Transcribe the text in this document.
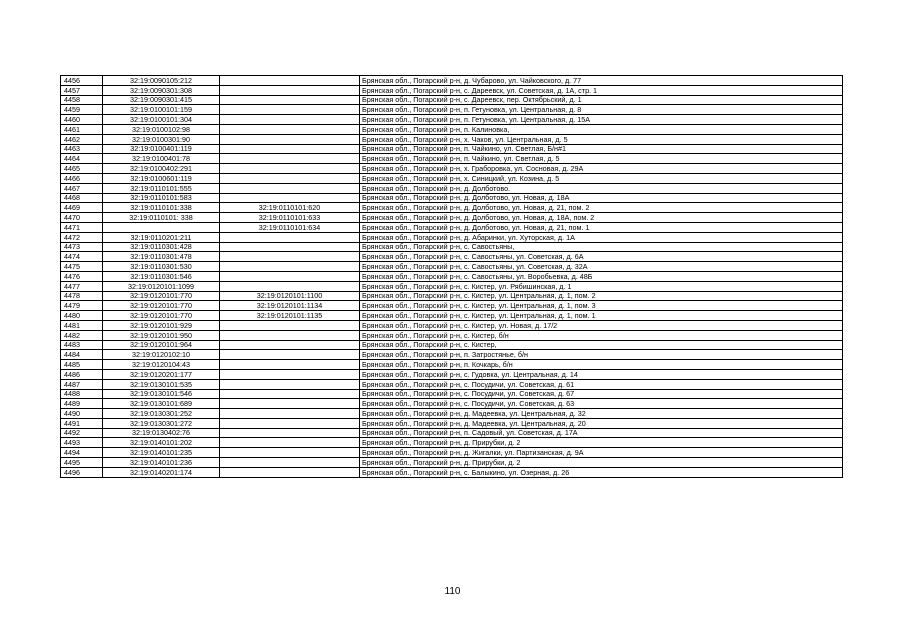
4456	32:19:0090105:212		Брянская обл., Погарский р-н, д. Чубарово, ул. Чайковского, д. 77
4457	32:19:0090301:308		Брянская обл., Погарский р-н, с. Дареевск, ул. Советская, д. 1А, стр. 1
4458	32:19:0090301:415		Брянская обл., Погарский р-н, с. Дареевск, пер. Октябрьский, д. 1
4459	32:19:0100101:159		Брянская обл., Погарский р-н, п. Гетуновка, ул. Центральная, д. 8
4460	32:19:0100101:304		Брянская обл., Погарский р-н, п. Гетуновка, ул. Центральная, д. 15А
4461	32:19:0100102:98		Брянская обл., Погарский р-н, п. Калиновка,
4462	32:19:0100301:90		Брянская обл., Погарский р-н, х. Чаков, ул. Центральная, д. 5
4463	32:19:0100401:119		Брянская обл., Погарский р-н, п. Чайкино, ул. Светлая, Б/н#1
4464	32:19:0100401:78		Брянская обл., Погарский р-н, п. Чайкино, ул. Светлая, д. 5
4465	32:19:0100402:291		Брянская обл., Погарский р-н, х. Граборовка, ул. Сосновая, д. 29А
4466	32:19:0100601:119		Брянская обл., Погарский р-н, х. Синицкий, ул. Козина, д. 5
4467	32:19:0110101:555		Брянская обл., Погарский р-н, д. Долботово.
4468	32:19:0110101:583		Брянская обл., Погарский р-н, д. Долботово, ул. Новая, д. 18А
4469	32:19:0110101:338	32:19:0110101:620	Брянская обл., Погарский р-н, д. Долботово, ул. Новая, д. 21, пом. 2
4470	32:19:0110101: 338	32:19:0110101:633	Брянская обл., Погарский р-н, д. Долботово, ул. Новая, д. 18А, пом. 2
4471		32:19:0110101:634	Брянская обл., Погарский р-н, д. Долботово, ул. Новая, д. 21, пом. 1
4472	32:19:0110201:211		Брянская обл., Погарский р-н, д. Абаринки, ул. Хуторская, д. 1А
4473	32:19:0110301:428		Брянская обл., Погарский р-н, с. Савостьяны,
4474	32:19:0110301:478		Брянская обл., Погарский р-н, с. Савостьяны, ул. Советская, д. 6А
4475	32:19:0110301:530		Брянская обл., Погарский р-н, с. Савостьяны, ул. Советская, д. 32А
4476	32:19:0110301:546		Брянская обл., Погарский р-н, с. Савостьяны, ул. Воробьевка, д. 48Б
4477	32:19:0120101:1099		Брянская обл., Погарский р-н, с. Кистер, ул. Рябишинская, д. 1
4478	32:19:0120101:770	32:19:0120101:1100	Брянская обл., Погарский р-н, с. Кистер, ул. Центральная, д. 1, пом. 2
4479	32:19:0120101:770	32:19:0120101:1134	Брянская обл., Погарский р-н, с. Кистер, ул. Центральная, д. 1, пом. 3
4480	32:19:0120101:770	32:19:0120101:1135	Брянская обл., Погарский р-н, с. Кистер, ул. Центральная, д. 1, пом. 1
4481	32:19:0120101:929		Брянская обл., Погарский р-н, с. Кистер, ул. Новая, д. 17/2
4482	32:19:0120101:950		Брянская обл., Погарский р-н, с. Кистер, б/н
4483	32:19:0120101:964		Брянская обл., Погарский р-н, с. Кистер,
4484	32:19:0120102:10		Брянская обл., Погарский р-н, п. Затростянье, б/н
4485	32:19:0120104:43		Брянская обл., Погарский р-н, п. Кочкарь, б/н
4486	32:19:0120201:177		Брянская обл., Погарский р-н, с. Гудовка, ул. Центральная, д. 14
4487	32:19:0130101:535		Брянская обл., Погарский р-н, с. Посудичи, ул. Советская, д. 61
4488	32:19:0130101:546		Брянская обл., Погарский р-н, с. Посудичи, ул. Советская, д. 67
4489	32:19:0130101:689		Брянская обл., Погарский р-н, с. Посудичи, ул. Советская, д. 63
4490	32:19:0130301:252		Брянская обл., Погарский р-н, д. Мадеевка, ул. Центральная, д. 32
4491	32:19:0130301:272		Брянская обл., Погарский р-н, д. Мадеевка, ул. Центральная, д. 20
4492	32:19:0130402:76		Брянская обл., Погарский р-н, п. Садовый, ул. Советская, д. 17А
4493	32:19:0140101:202		Брянская обл., Погарский р-н, д. Прирубки, д. 2
4494	32:19:0140101:235		Брянская обл., Погарский р-н, д. Жигалки, ул. Партизанская, д. 9А
4495	32:19:0140101:236		Брянская обл., Погарский р-н, д. Прирубки, д. 2
4496	32:19:0140201:174		Брянская обл., Погарский р-н, с. Балыкино, ул. Озерная, д. 26
110
